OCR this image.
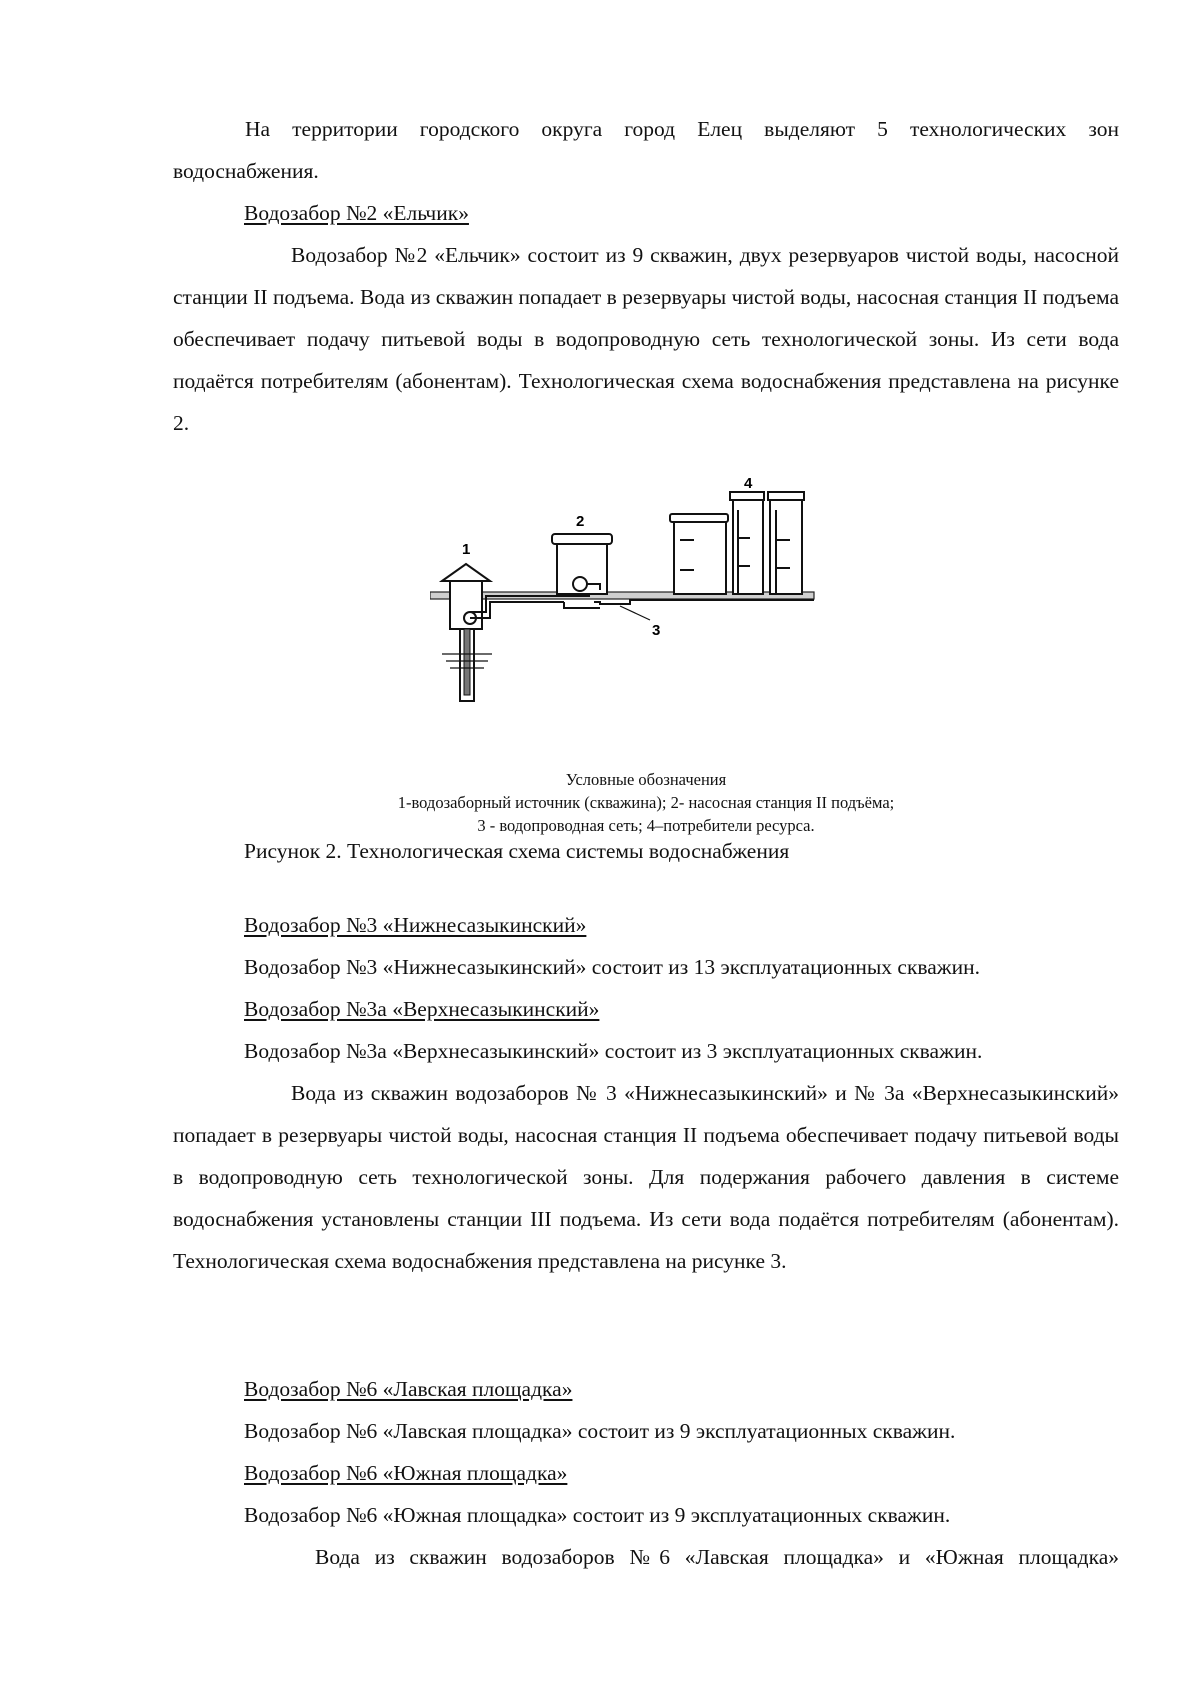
На территории городского округа город Елец выделяют 5 технологических зон водоснабжения.
Водозабор №2 «Ельчик»
Водозабор №2 «Ельчик» состоит из 9 скважин, двух резервуаров чистой воды, насосной станции II подъема. Вода из скважин попадает в резервуары чистой воды, насосная станция II подъема обеспечивает подачу питьевой воды в водопроводную сеть технологической зоны. Из сети вода подаётся потребителям (абонентам). Технологическая схема водоснабжения представлена на рисунке 2.
1
2
3
4
Условные обозначения
1-водозаборный источник (скважина); 2- насосная станция II подъёма;
3 - водопроводная сеть; 4–потребители ресурса.
Рисунок 2. Технологическая схема системы водоснабжения
Водозабор №3 «Нижнесазыкинский»
Водозабор №3 «Нижнесазыкинский» состоит из 13 эксплуатационных скважин.
Водозабор №3а «Верхнесазыкинский»
Водозабор №3а «Верхнесазыкинский» состоит из 3 эксплуатационных скважин.
Вода из скважин водозаборов № 3 «Нижнесазыкинский» и № 3а «Верхнесазыкинский» попадает в резервуары чистой воды, насосная станция II подъема обеспечивает подачу питьевой воды в водопроводную сеть технологической зоны. Для подержания рабочего давления в системе водоснабжения установлены станции III подъема. Из сети вода подаётся потребителям (абонентам). Технологическая схема водоснабжения представлена на рисунке 3.
Водозабор №6 «Лавская площадка»
Водозабор №6 «Лавская площадка» состоит из 9 эксплуатационных скважин.
Водозабор №6 «Южная площадка»
Водозабор №6 «Южная площадка» состоит из 9 эксплуатационных скважин.
Вода из скважин водозаборов №6 «Лавская площадка» и «Южная площадка»
